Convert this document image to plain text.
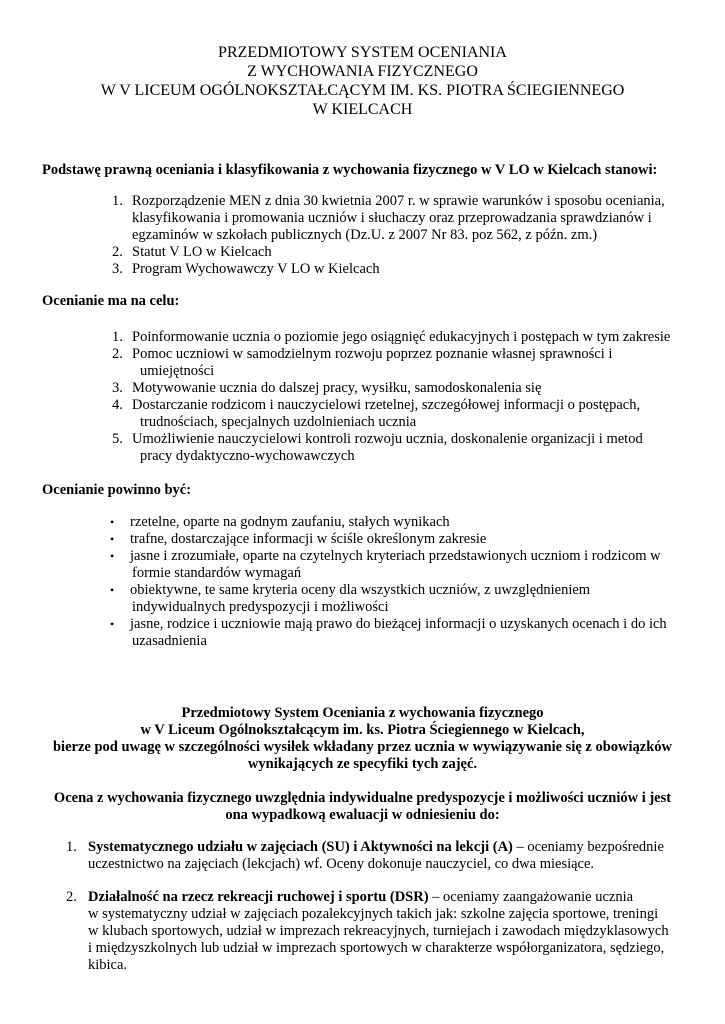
PRZEDMIOTOWY SYSTEM OCENIANIA
Z WYCHOWANIA FIZYCZNEGO
W V LICEUM OGÓLNOKSZTAŁCĄCYM IM. KS. PIOTRA ŚCIEGIENNEGO
W KIELCACH
Podstawę prawną oceniania i klasyfikowania z wychowania fizycznego w V LO w Kielcach stanowi:
1. Rozporządzenie MEN z dnia 30 kwietnia 2007 r. w sprawie warunków i sposobu oceniania,
klasyfikowania i promowania uczniów i słuchaczy oraz przeprowadzania sprawdzianów i
egzaminów w szkołach publicznych (Dz.U. z 2007 Nr 83. poz 562, z późn. zm.)
2. Statut V LO w Kielcach
3. Program Wychowawczy V LO w Kielcach
Ocenianie ma na celu:
1. Poinformowanie ucznia o poziomie jego osiągnięć edukacyjnych i postępach w tym zakresie
2. Pomoc uczniowi w samodzielnym rozwoju poprzez poznanie własnej sprawności i
umiejętności
3. Motywowanie ucznia do dalszej pracy, wysiłku, samodoskonalenia się
4. Dostarczanie rodzicom i nauczycielowi rzetelnej, szczegółowej informacji o postępach,
trudnościach, specjalnych uzdolnieniach ucznia
5. Umożliwienie nauczycielowi kontroli rozwoju ucznia, doskonalenie organizacji i metod
pracy dydaktyczno-wychowawczych
Ocenianie powinno być:
• rzetelne, oparte na godnym zaufaniu, stałych wynikach
• trafne, dostarczające informacji w ściśle określonym zakresie
• jasne i zrozumiałe, oparte na czytelnych kryteriach przedstawionych uczniom i rodzicom w
formie standardów wymagań
• obiektywne, te same kryteria oceny dla wszystkich uczniów, z uwzględnieniem
indywidualnych predyspozycji i możliwości
• jasne, rodzice i uczniowie mają prawo do bieżącej informacji o uzyskanych ocenach i do ich
uzasadnienia
Przedmiotowy System Oceniania z wychowania fizycznego
w V Liceum Ogólnokształcącym im. ks. Piotra Ściegiennego w Kielcach,
bierze pod uwagę w szczególności wysiłek wkładany przez ucznia w wywiązywanie się z obowiązków
wynikających ze specyfiki tych zajęć.
Ocena z wychowania fizycznego uwzględnia indywidualne predyspozycje i możliwości uczniów i jest
ona wypadkową ewaluacji w odniesieniu do:
1. Systematycznego udziału w zajęciach (SU) i Aktywności na lekcji (A) – oceniamy bezpośrednie
uczestnictwo na zajęciach (lekcjach) wf. Oceny dokonuje nauczyciel, co dwa miesiące.
2. Działalność na rzecz rekreacji ruchowej i sportu (DSR) – oceniamy zaangażowanie ucznia
w systematyczny udział w zajęciach pozalekcyjnych takich jak: szkolne zajęcia sportowe, treningi
w klubach sportowych, udział w imprezach rekreacyjnych, turniejach i zawodach międzyklasowych
i międzyszkolnych lub udział w imprezach sportowych w charakterze współorganizatora, sędziego,
kibica.
